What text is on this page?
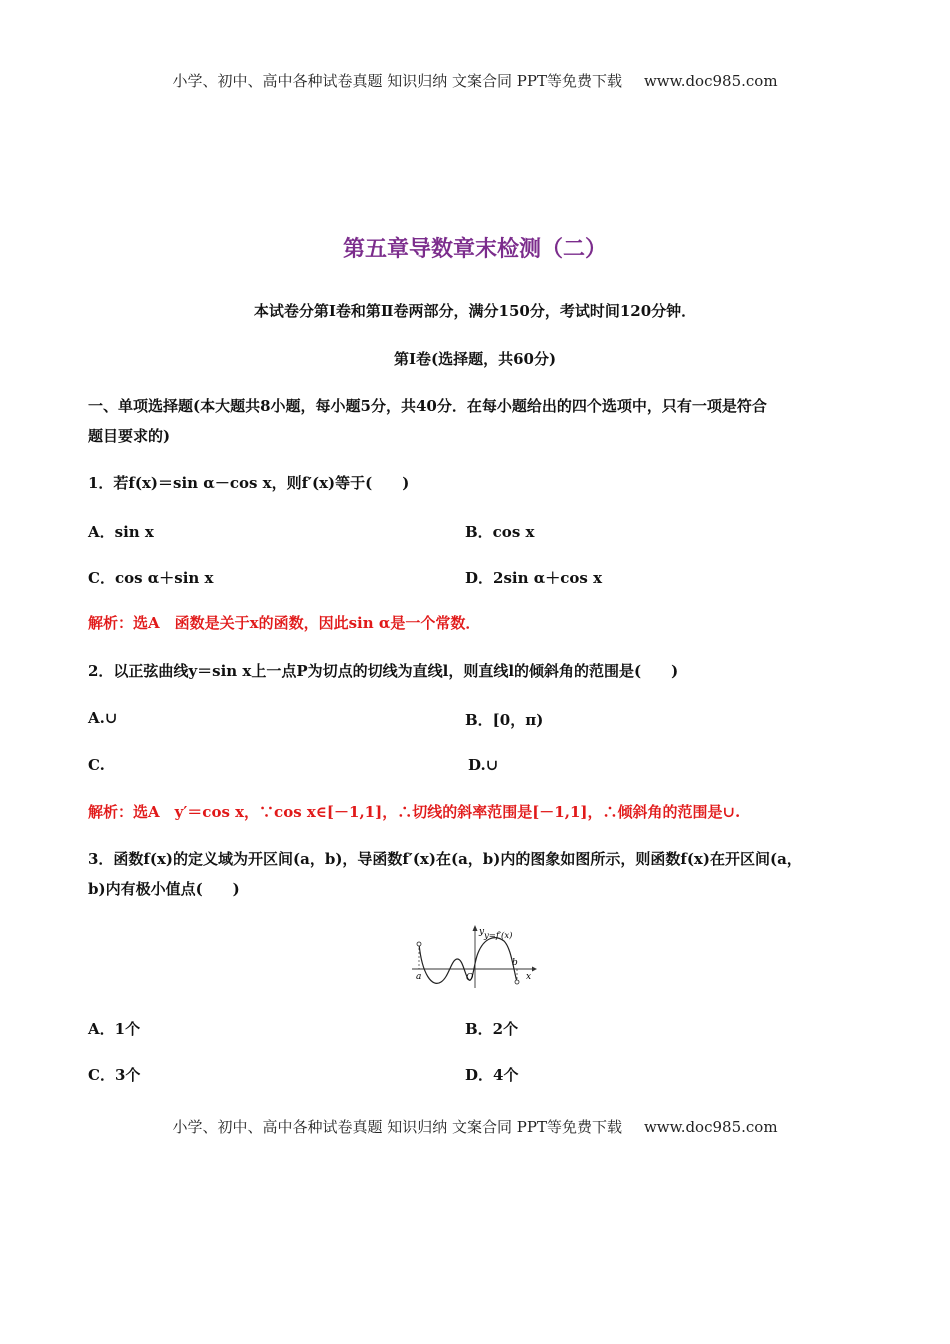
小学、初中、高中各种试卷真题 知识归纳 文案合同 PPT等免费下载 www.doc985.com
第五章导数章末检测（二）
本试卷分第Ⅰ卷和第Ⅱ卷两部分，满分150分，考试时间120分钟．
第Ⅰ卷(选择题，共60分)
一、单项选择题(本大题共8小题，每小题5分，共40分．在每小题给出的四个选项中，只有一项是符合
题目要求的)
1．若f(x)＝sin α－cos x，则f′(x)等于(　　)
A．sin x	B．cos x
C．cos α＋sin x	D．2sin α＋cos x
解析：选A　函数是关于x的函数，因此sin α是一个常数．
2．以正弦曲线y＝sin x上一点P为切点的切线为直线l，则直线l的倾斜角的范围是(　　)
A.∪	B．[0，π)
C.	D.∪
解析：选A　y′＝cos x，∵cos x∈[－1,1]，∴切线的斜率范围是[－1,1]，∴倾斜角的范围是∪.
3．函数f(x)的定义域为开区间(a，b)，导函数f′(x)在(a，b)内的图象如图所示，则函数f(x)在开区间(a，
b)内有极小值点(　　)
y
x
O
a
b
y=f′(x)
A．1个	B．2个
C．3个	D．4个
小学、初中、高中各种试卷真题 知识归纳 文案合同 PPT等免费下载 www.doc985.com
